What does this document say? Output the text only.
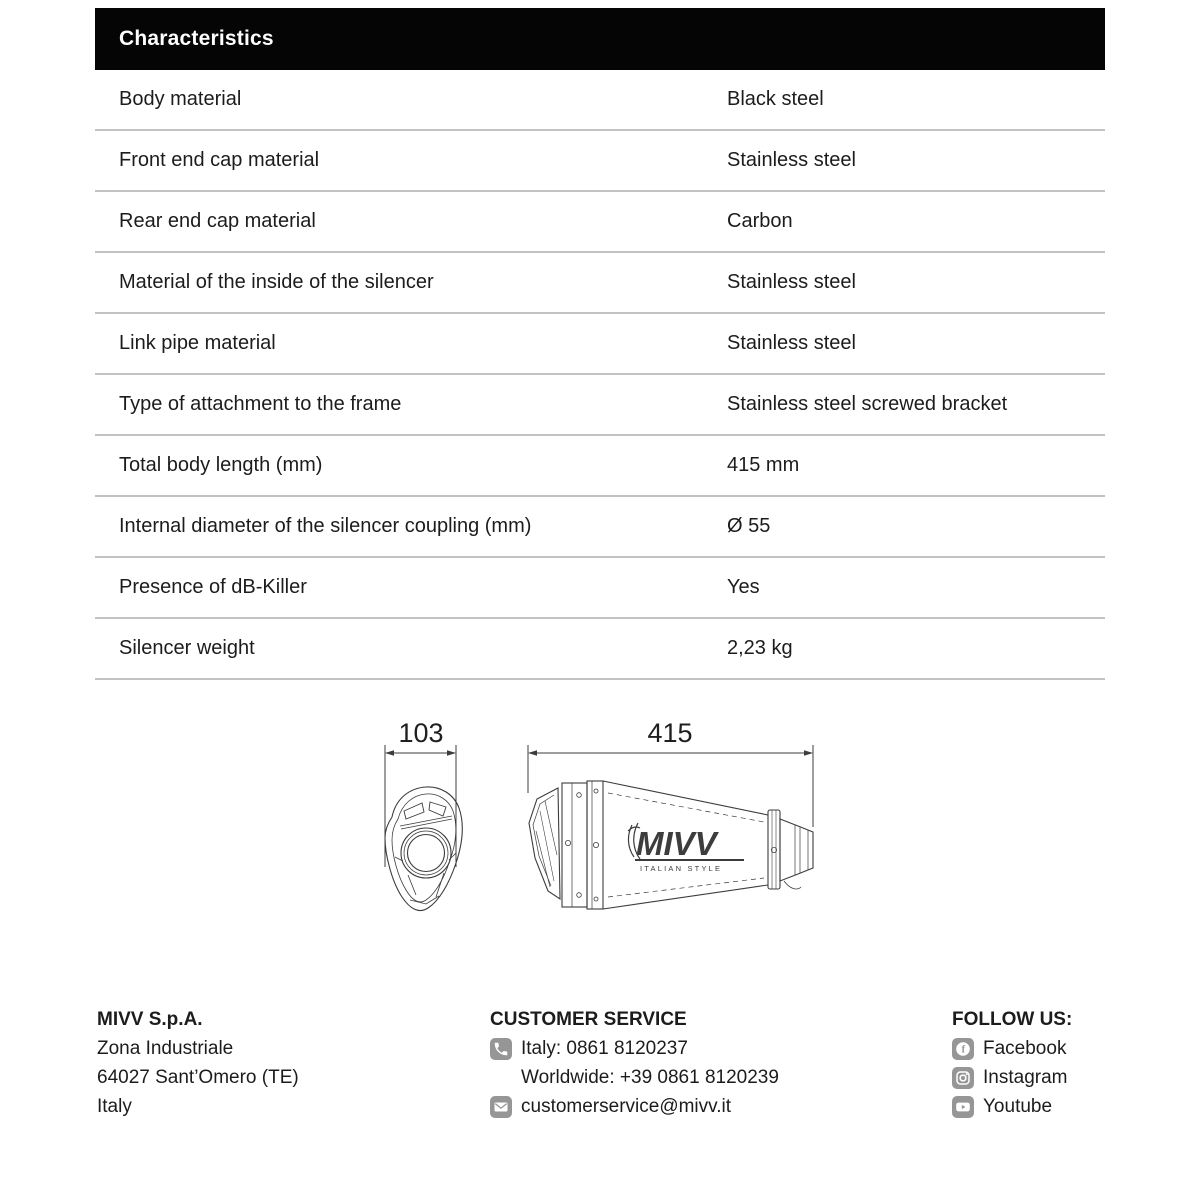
Characteristics
Body material	Black steel
Front end cap material	Stainless steel
Rear end cap material	Carbon
Material of the inside of the silencer	Stainless steel
Link pipe material	Stainless steel
Type of attachment to the frame	Stainless steel screwed bracket
Total body length (mm)	415 mm
Internal diameter of the silencer coupling (mm)	Ø 55
Presence of dB-Killer	Yes
Silencer weight	2,23 kg
103	415
MIVV
ITALIAN STYLE
MIVV S.p.A.
Zona Industriale
64027 Sant’Omero (TE)
Italy
CUSTOMER SERVICE
Italy: 0861 8120237
Worldwide: +39 0861 8120239
customerservice@mivv.it
FOLLOW US:
f Facebook
Instagram
Youtube
